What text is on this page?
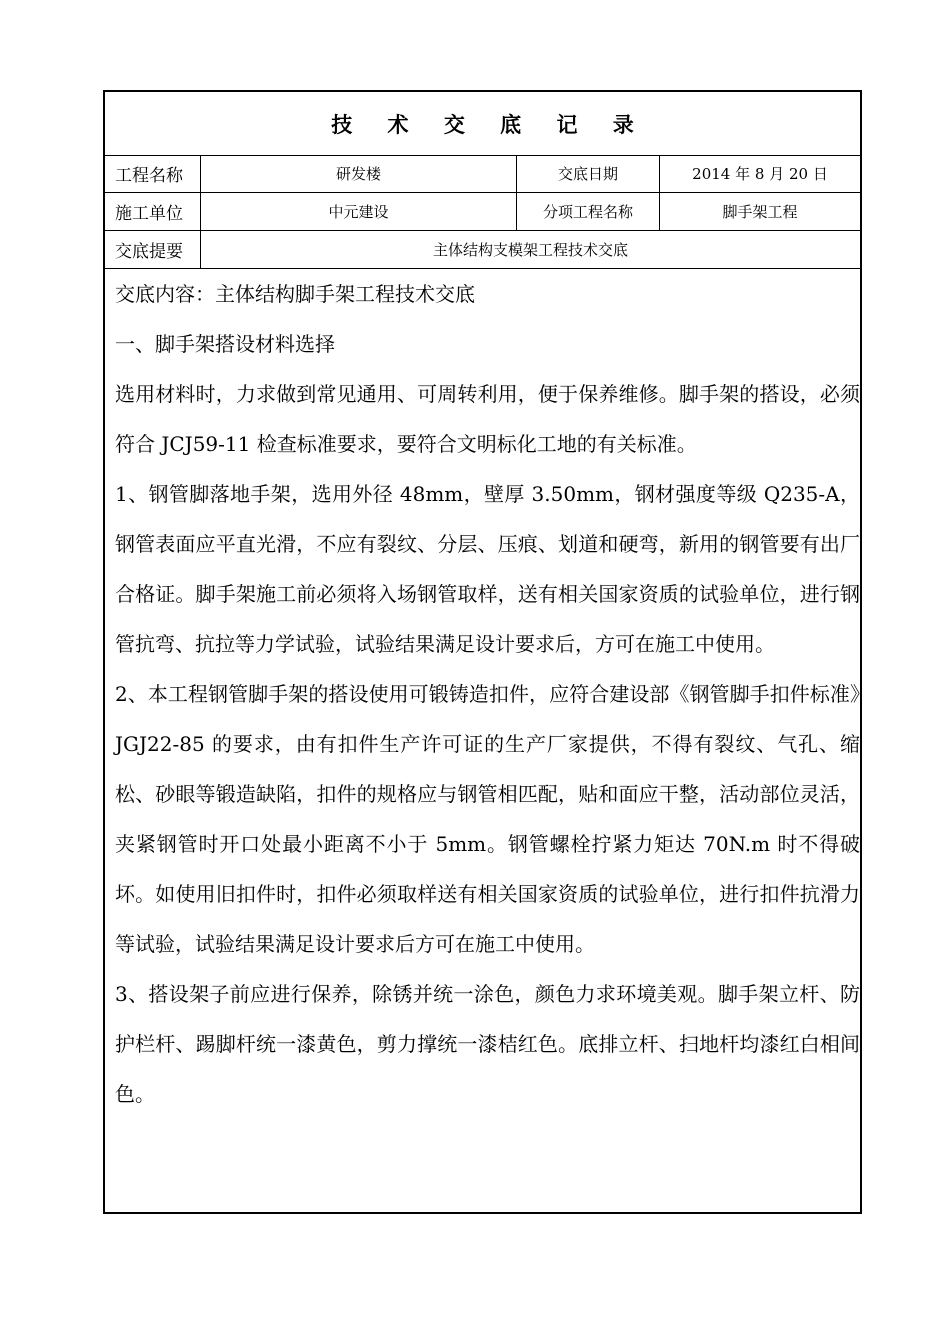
技 术 交 底 记 录
工程名称	研发楼	交底日期	2014 年 8 月 20 日
施工单位	中元建设	分项工程名称	脚手架工程
交底提要	主体结构支模架工程技术交底

交底内容：主体结构脚手架工程技术交底

一、脚手架搭设材料选择

选用材料时，力求做到常见通用、可周转利用，便于保养维修。脚手架的搭设，必须符合 JCJ59-11 检查标准要求，要符合文明标化工地的有关标准。

1、钢管脚落地手架，选用外径 48mm，壁厚 3.50mm，钢材强度等级 Q235-A，钢管表面应平直光滑，不应有裂纹、分层、压痕、划道和硬弯，新用的钢管要有出厂合格证。脚手架施工前必须将入场钢管取样，送有相关国家资质的试验单位，进行钢管抗弯、抗拉等力学试验，试验结果满足设计要求后，方可在施工中使用。

2、本工程钢管脚手架的搭设使用可锻铸造扣件，应符合建设部《钢管脚手扣件标准》JGJ22-85 的要求，由有扣件生产许可证的生产厂家提供，不得有裂纹、气孔、缩松、砂眼等锻造缺陷，扣件的规格应与钢管相匹配，贴和面应干整，活动部位灵活，夹紧钢管时开口处最小距离不小于 5mm。钢管螺栓拧紧力矩达 70N.m 时不得破坏。如使用旧扣件时，扣件必须取样送有相关国家资质的试验单位，进行扣件抗滑力等试验，试验结果满足设计要求后方可在施工中使用。

3、搭设架子前应进行保养，除锈并统一涂色，颜色力求环境美观。脚手架立杆、防护栏杆、踢脚杆统一漆黄色，剪力撑统一漆桔红色。底排立杆、扫地杆均漆红白相间色。
